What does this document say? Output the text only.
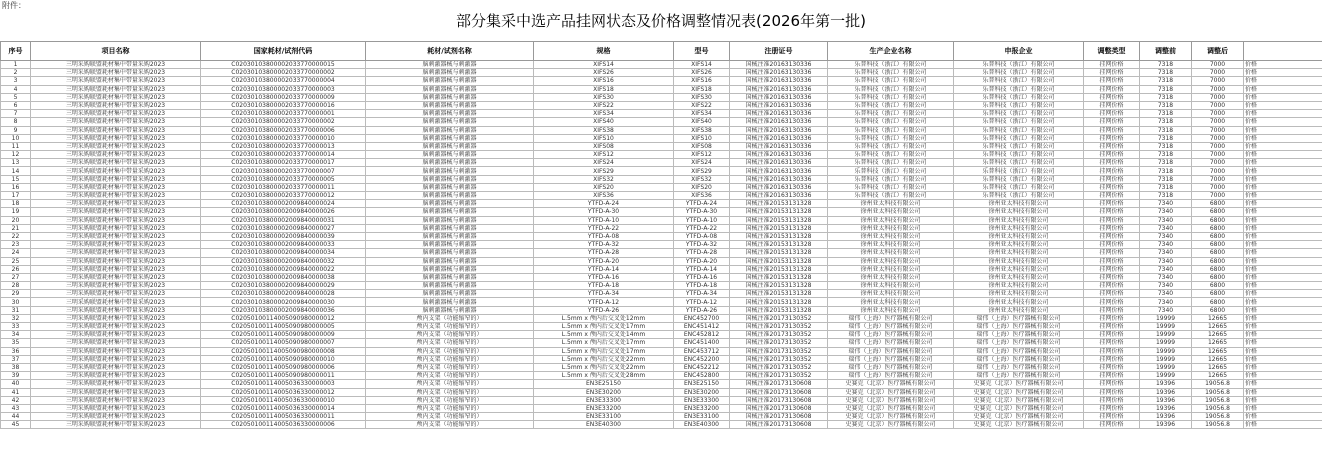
附件：
部分集采中选产品挂网状态及价格调整情况表(2026年第一批)
序号	项目名称	国家耗材/试剂代码	耗材/试剂名称	规格	型号	注册证号	生产企业名称	申报企业	调整类型	调整前	调整后	
1	三明采购联盟耗材集中带量采购2023	C02030103800002033770000015	脑刺激器械与刺激器	XIFS14	XIFS14	国械注准20163130336	乐普科技（浙江）有限公司	乐普科技（浙江）有限公司	挂网价格	7318	7000	价格
2	三明采购联盟耗材集中带量采购2023	C02030103800002033770000002	脑刺激器械与刺激器	XIFS26	XIFS26	国械注准20163130336	乐普科技（浙江）有限公司	乐普科技（浙江）有限公司	挂网价格	7318	7000	价格
3	三明采购联盟耗材集中带量采购2023	C02030103800002033770000004	脑刺激器械与刺激器	XIFS16	XIFS16	国械注准20163130336	乐普科技（浙江）有限公司	乐普科技（浙江）有限公司	挂网价格	7318	7000	价格
4	三明采购联盟耗材集中带量采购2023	C02030103800002033770000003	脑刺激器械与刺激器	XIFS18	XIFS18	国械注准20163130336	乐普科技（浙江）有限公司	乐普科技（浙江）有限公司	挂网价格	7318	7000	价格
5	三明采购联盟耗材集中带量采购2023	C02030103800002033770000009	脑刺激器械与刺激器	XIFS30	XIFS30	国械注准20163130336	乐普科技（浙江）有限公司	乐普科技（浙江）有限公司	挂网价格	7318	7000	价格
6	三明采购联盟耗材集中带量采购2023	C02030103800002033770000016	脑刺激器械与刺激器	XIFS22	XIFS22	国械注准20163130336	乐普科技（浙江）有限公司	乐普科技（浙江）有限公司	挂网价格	7318	7000	价格
7	三明采购联盟耗材集中带量采购2023	C02030103800002033770000001	脑刺激器械与刺激器	XIFS34	XIFS34	国械注准20163130336	乐普科技（浙江）有限公司	乐普科技（浙江）有限公司	挂网价格	7318	7000	价格
8	三明采购联盟耗材集中带量采购2023	C02030103800002033770000002	脑刺激器械与刺激器	XIFS40	XIFS40	国械注准20163130336	乐普科技（浙江）有限公司	乐普科技（浙江）有限公司	挂网价格	7318	7000	价格
9	三明采购联盟耗材集中带量采购2023	C02030103800002033770000006	脑刺激器械与刺激器	XIFS38	XIFS38	国械注准20163130336	乐普科技（浙江）有限公司	乐普科技（浙江）有限公司	挂网价格	7318	7000	价格
10	三明采购联盟耗材集中带量采购2023	C02030103800002033770000010	脑刺激器械与刺激器	XIFS10	XIFS10	国械注准20163130336	乐普科技（浙江）有限公司	乐普科技（浙江）有限公司	挂网价格	7318	7000	价格
11	三明采购联盟耗材集中带量采购2023	C02030103800002033770000013	脑刺激器械与刺激器	XIFS08	XIFS08	国械注准20163130336	乐普科技（浙江）有限公司	乐普科技（浙江）有限公司	挂网价格	7318	7000	价格
12	三明采购联盟耗材集中带量采购2023	C02030103800002033770000014	脑刺激器械与刺激器	XIFS12	XIFS12	国械注准20163130336	乐普科技（浙江）有限公司	乐普科技（浙江）有限公司	挂网价格	7318	7000	价格
13	三明采购联盟耗材集中带量采购2023	C02030103800002033770000017	脑刺激器械与刺激器	XIFS24	XIFS24	国械注准20163130336	乐普科技（浙江）有限公司	乐普科技（浙江）有限公司	挂网价格	7318	7000	价格
14	三明采购联盟耗材集中带量采购2023	C02030103800002033770000007	脑刺激器械与刺激器	XIFS29	XIFS29	国械注准20163130336	乐普科技（浙江）有限公司	乐普科技（浙江）有限公司	挂网价格	7318	7000	价格
15	三明采购联盟耗材集中带量采购2023	C02030103800002033770000005	脑刺激器械与刺激器	XIFS32	XIFS32	国械注准20163130336	乐普科技（浙江）有限公司	乐普科技（浙江）有限公司	挂网价格	7318	7000	价格
16	三明采购联盟耗材集中带量采购2023	C02030103800002033770000011	脑刺激器械与刺激器	XIFS20	XIFS20	国械注准20163130336	乐普科技（浙江）有限公司	乐普科技（浙江）有限公司	挂网价格	7318	7000	价格
17	三明采购联盟耗材集中带量采购2023	C02030103800002033770000012	脑刺激器械与刺激器	XIFS36	XIFS36	国械注准20163130336	乐普科技（浙江）有限公司	乐普科技（浙江）有限公司	挂网价格	7318	7000	价格
18	三明采购联盟耗材集中带量采购2023	C02030103800002009840000024	脑刺激器械与刺激器	YTFD-A-24	YTFD-A-24	国械注准20153131328	徐州亚太科技有限公司	徐州亚太科技有限公司	挂网价格	7340	6800	价格
19	三明采购联盟耗材集中带量采购2023	C02030103800002009840000026	脑刺激器械与刺激器	YTFD-A-30	YTFD-A-30	国械注准20153131328	徐州亚太科技有限公司	徐州亚太科技有限公司	挂网价格	7340	6800	价格
20	三明采购联盟耗材集中带量采购2023	C02030103800002009840000031	脑刺激器械与刺激器	YTFD-A-10	YTFD-A-10	国械注准20153131328	徐州亚太科技有限公司	徐州亚太科技有限公司	挂网价格	7340	6800	价格
21	三明采购联盟耗材集中带量采购2023	C02030103800002009840000027	脑刺激器械与刺激器	YTFD-A-22	YTFD-A-22	国械注准20153131328	徐州亚太科技有限公司	徐州亚太科技有限公司	挂网价格	7340	6800	价格
22	三明采购联盟耗材集中带量采购2023	C02030103800002009840000039	脑刺激器械与刺激器	YTFD-A-08	YTFD-A-08	国械注准20153131328	徐州亚太科技有限公司	徐州亚太科技有限公司	挂网价格	7340	6800	价格
23	三明采购联盟耗材集中带量采购2023	C02030103800002009840000033	脑刺激器械与刺激器	YTFD-A-32	YTFD-A-32	国械注准20153131328	徐州亚太科技有限公司	徐州亚太科技有限公司	挂网价格	7340	6800	价格
24	三明采购联盟耗材集中带量采购2023	C02030103800002009840000034	脑刺激器械与刺激器	YTFD-A-28	YTFD-A-28	国械注准20153131328	徐州亚太科技有限公司	徐州亚太科技有限公司	挂网价格	7340	6800	价格
25	三明采购联盟耗材集中带量采购2023	C02030103800002009840000032	脑刺激器械与刺激器	YTFD-A-20	YTFD-A-20	国械注准20153131328	徐州亚太科技有限公司	徐州亚太科技有限公司	挂网价格	7340	6800	价格
26	三明采购联盟耗材集中带量采购2023	C02030103800002009840000022	脑刺激器械与刺激器	YTFD-A-14	YTFD-A-14	国械注准20153131328	徐州亚太科技有限公司	徐州亚太科技有限公司	挂网价格	7340	6800	价格
27	三明采购联盟耗材集中带量采购2023	C02030103800002009840000038	脑刺激器械与刺激器	YTFD-A-16	YTFD-A-16	国械注准20153131328	徐州亚太科技有限公司	徐州亚太科技有限公司	挂网价格	7340	6800	价格
28	三明采购联盟耗材集中带量采购2023	C02030103800002009840000029	脑刺激器械与刺激器	YTFD-A-18	YTFD-A-18	国械注准20153131328	徐州亚太科技有限公司	徐州亚太科技有限公司	挂网价格	7340	6800	价格
29	三明采购联盟耗材集中带量采购2023	C02030103800002009840000028	脑刺激器械与刺激器	YTFD-A-34	YTFD-A-34	国械注准20153131328	徐州亚太科技有限公司	徐州亚太科技有限公司	挂网价格	7340	6800	价格
30	三明采购联盟耗材集中带量采购2023	C02030103800002009840000030	脑刺激器械与刺激器	YTFD-A-12	YTFD-A-12	国械注准20153131328	徐州亚太科技有限公司	徐州亚太科技有限公司	挂网价格	7340	6800	价格
31	三明采购联盟耗材集中带量采购2023	C02030103800002009840000036	脑刺激器械与刺激器	YTFD-A-26	YTFD-A-26	国械注准20153131328	徐州亚太科技有限公司	徐州亚太科技有限公司	挂网价格	7340	6800	价格
32	三明采购联盟耗材集中带量采购2023	C02050100114005090980000012	颅内支架（功能缩窄的）	L.5mm x 颅内后交叉处12mm	ENC452700	国械注准20173130352	瑞伟（上海）医疗器械有限公司	瑞伟（上海）医疗器械有限公司	挂网价格	19999	12665	价格
33	三明采购联盟耗材集中带量采购2023	C02050100114005090980000005	颅内支架（功能缩窄的）	L.5mm x 颅内后交叉处17mm	ENC451412	国械注准20173130352	瑞伟（上海）医疗器械有限公司	瑞伟（上海）医疗器械有限公司	挂网价格	19999	12665	价格
34	三明采购联盟耗材集中带量采购2023	C02050100114005090980000009	颅内支架（功能缩窄的）	L.5mm x 颅内后交叉处14mm	ENC452812	国械注准20173130352	瑞伟（上海）医疗器械有限公司	瑞伟（上海）医疗器械有限公司	挂网价格	19999	12665	价格
35	三明采购联盟耗材集中带量采购2023	C02050100114005090980000007	颅内支架（功能缩窄的）	L.5mm x 颅内后交叉处17mm	ENC451400	国械注准20173130352	瑞伟（上海）医疗器械有限公司	瑞伟（上海）医疗器械有限公司	挂网价格	19999	12665	价格
36	三明采购联盟耗材集中带量采购2023	C02050100114005090980000008	颅内支架（功能缩窄的）	L.5mm x 颅内后交叉处17mm	ENC453712	国械注准20173130352	瑞伟（上海）医疗器械有限公司	瑞伟（上海）医疗器械有限公司	挂网价格	19999	12665	价格
37	三明采购联盟耗材集中带量采购2023	C02050100114005090980000010	颅内支架（功能缩窄的）	L.5mm x 颅内后交叉处22mm	ENC452200	国械注准20173130352	瑞伟（上海）医疗器械有限公司	瑞伟（上海）医疗器械有限公司	挂网价格	19999	12665	价格
38	三明采购联盟耗材集中带量采购2023	C02050100114005090980000006	颅内支架（功能缩窄的）	L.5mm x 颅内后交叉处22mm	ENC452212	国械注准20173130352	瑞伟（上海）医疗器械有限公司	瑞伟（上海）医疗器械有限公司	挂网价格	19999	12665	价格
39	三明采购联盟耗材集中带量采购2023	C02050100114005090980000011	颅内支架（功能缩窄的）	L.5mm x 颅内后交叉处28mm	ENC452800	国械注准20173130352	瑞伟（上海）医疗器械有限公司	瑞伟（上海）医疗器械有限公司	挂网价格	19999	12665	价格
40	三明采购联盟耗材集中带量采购2023	C02050100114005036330000003	颅内支架（功能缩窄的）	EN3E25150	EN3E25150	国械注准20173130608	史赛克（北京）医疗器械有限公司	史赛克（北京）医疗器械有限公司	挂网价格	19396	19056.8	价格
41	三明采购联盟耗材集中带量采购2023	C02050100114005036330000012	颅内支架（功能缩窄的）	EN3E30200	EN3E30200	国械注准20173130608	史赛克（北京）医疗器械有限公司	史赛克（北京）医疗器械有限公司	挂网价格	19396	19056.8	价格
42	三明采购联盟耗材集中带量采购2023	C02050100114005036330000010	颅内支架（功能缩窄的）	EN3E33300	EN3E33300	国械注准20173130608	史赛克（北京）医疗器械有限公司	史赛克（北京）医疗器械有限公司	挂网价格	19396	19056.8	价格
43	三明采购联盟耗材集中带量采购2023	C02050100114005036330000014	颅内支架（功能缩窄的）	EN3E33200	EN3E33200	国械注准20173130608	史赛克（北京）医疗器械有限公司	史赛克（北京）医疗器械有限公司	挂网价格	19396	19056.8	价格
44	三明采购联盟耗材集中带量采购2023	C02050100114005036330000011	颅内支架（功能缩窄的）	EN3E33100	EN3E33100	国械注准20173130608	史赛克（北京）医疗器械有限公司	史赛克（北京）医疗器械有限公司	挂网价格	19396	19056.8	价格
45	三明采购联盟耗材集中带量采购2023	C02050100114005036330000006	颅内支架（功能缩窄的）	EN3E40300	EN3E40300	国械注准20173130608	史赛克（北京）医疗器械有限公司	史赛克（北京）医疗器械有限公司	挂网价格	19396	19056.8	价格
